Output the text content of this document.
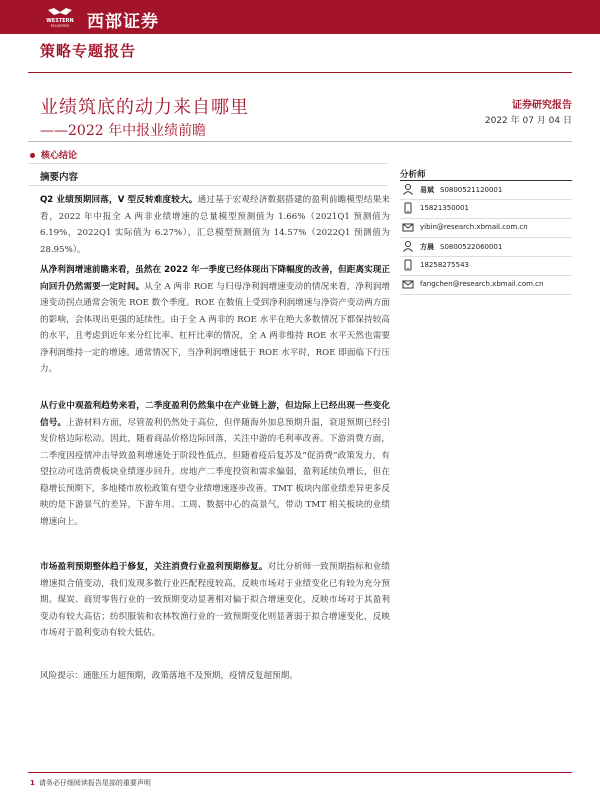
WESTERN
SECURITIES 西部证券
策略专题报告
业绩筑底的动力来自哪里
——2022 年中报业绩前瞻
证券研究报告
2022 年 07 月 04 日
核心结论
摘要内容
Q2 业绩预期回落，V 型反转难度较大。通过基于宏观经济数据搭建的盈利前瞻模型结果来看，2022 年中报全 A 两非业绩增速的总量模型预测值为 1.66%（2021Q1 预测值为 6.19%，2022Q1 实际值为 6.27%），汇总模型预测值为 14.57%（2022Q1 预测值为 28.95%）。
从净利润增速前瞻来看，虽然在 2022 年一季度已经体现出下降幅度的改善，但距离实现正向回升仍然需要一定时间。从全 A 两非 ROE 与归母净利润增速变动的情况来看，净利润增速变动拐点通常会领先 ROE 数个季度。ROE 在数值上受到净利润增速与净资产变动两方面的影响，会体现出更强的延续性。由于全 A 两非的 ROE 水平在绝大多数情况下都保持较高的水平，且考虑到近年来分红比率、杠杆比率的情况，全 A 两非维持 ROE 水平天然也需要净利润维持一定的增速。通常情况下，当净利润增速低于 ROE 水平时，ROE 即面临下行压力。
从行业中观盈利趋势来看，二季度盈利仍然集中在产业链上游，但边际上已经出现一些变化信号。上游材料方面，尽管盈利仍然处于高位，但伴随海外加息预期升温，衰退预期已经引发价格边际松动。因此，随着商品价格边际回落，关注中游的毛利率改善。下游消费方面，二季度因疫情冲击导致盈利增速处于阶段性低点，但随着疫后复苏及“促消费”政策发力，有望拉动可选消费板块业绩逐步回升。房地产二季度投资和需求偏弱，盈利延续负增长，但在稳增长预期下，多地楼市放松政策有望令业绩增速逐步改善。TMT 板块内部业绩差异更多反映的是下游景气的差异，下游车用、工周、数据中心的高景气，带动 TMT 相关板块的业绩增速向上。
市场盈利预期整体趋于修复，关注消费行业盈利预期修复。对比分析师一致预期指标和业绩增速拟合值变动，我们发现多数行业匹配程度较高，反映市场对于业绩变化已有较为充分预期。煤炭、商贸零售行业的一致预期变动显著相对偏于拟合增速变化，反映市场对于其盈利变动有较大高估；纺织服装和农林牧渔行业的一致预期变化则显著弱于拟合增速变化，反映市场对于盈利变动有较大低估。
风险提示：通胀压力超预期，政策落地不及预期，疫情反复超预期。
分析师
易斌 S0800521120001
15821350001
yibin@research.xbmail.com.cn
方晨 S0800522060001
18258275543
fangchen@research.xbmail.com.cn
1 请务必仔细阅读报告尾部的重要声明
